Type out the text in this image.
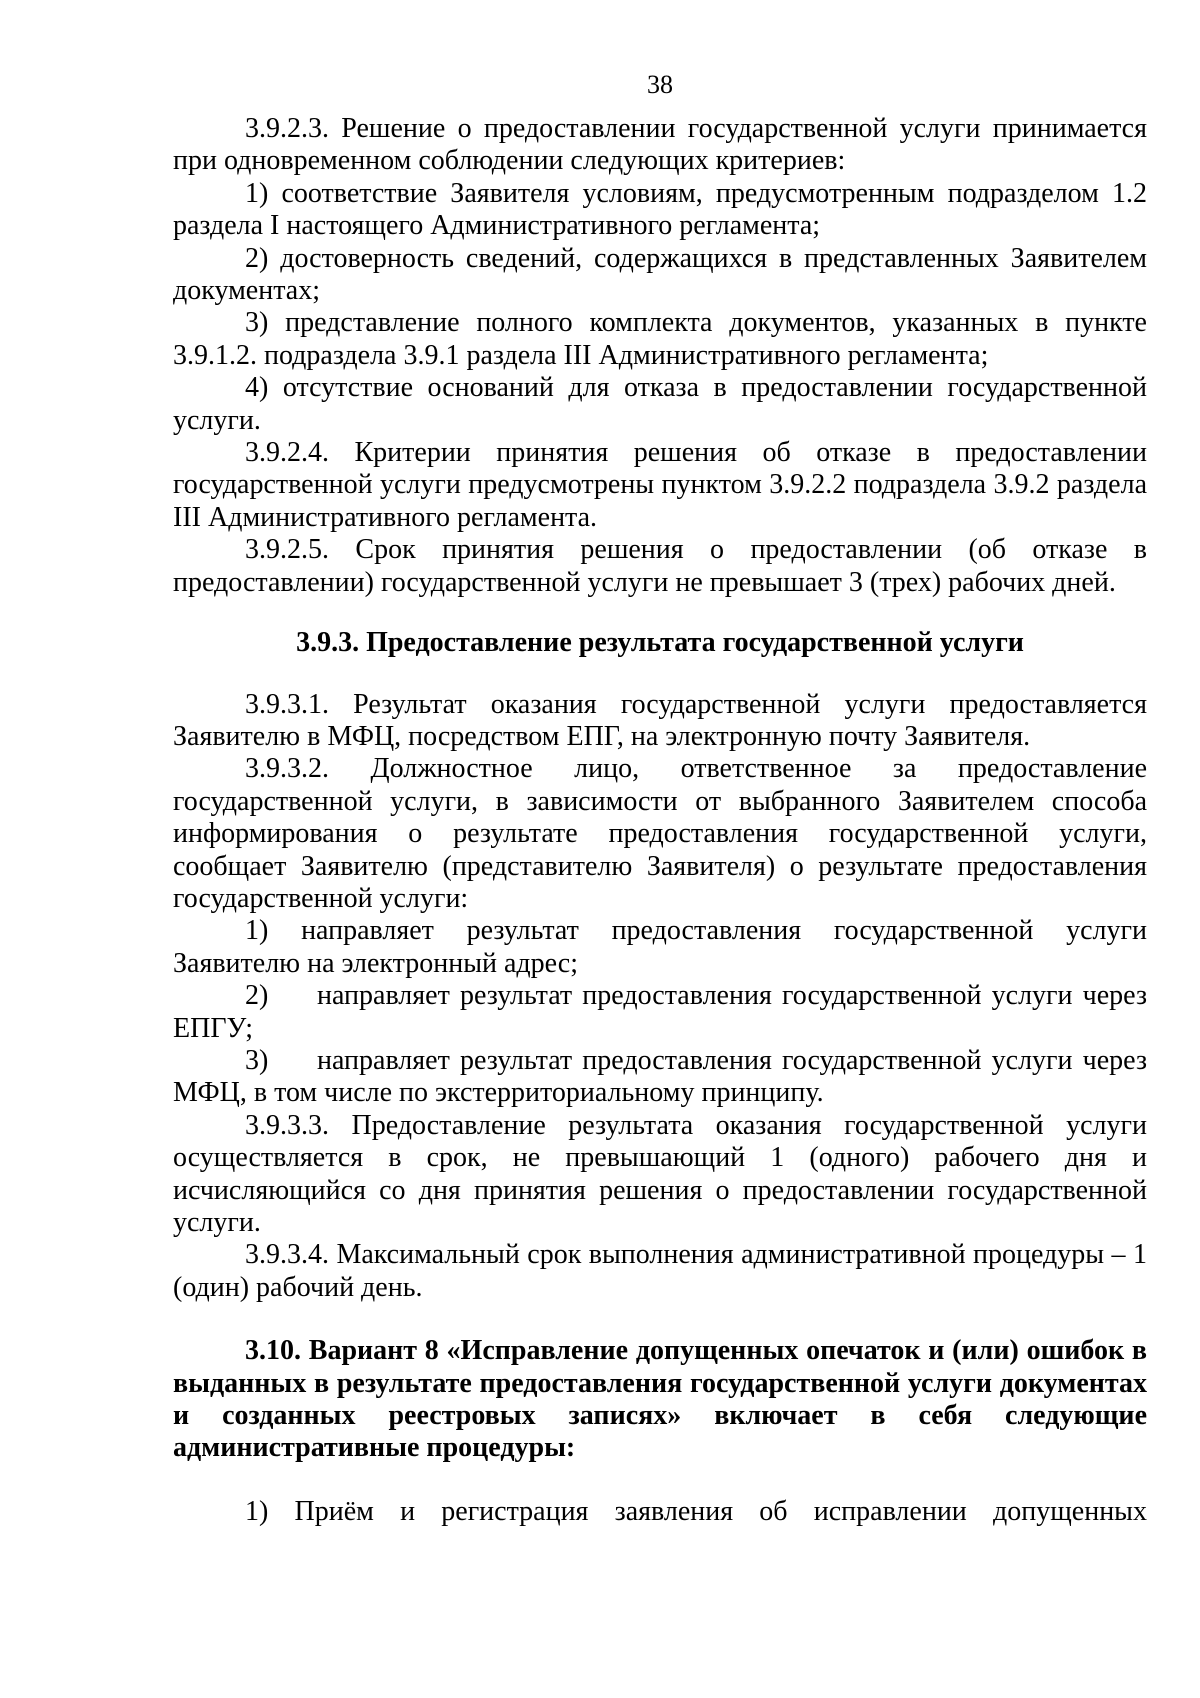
38

3.9.2.3. Решение о предоставлении государственной услуги принимается при одновременном соблюдении следующих критериев:

1) соответствие Заявителя условиям, предусмотренным подразделом 1.2 раздела I настоящего Административного регламента;

2) достоверность сведений, содержащихся в представленных Заявителем документах;

3) представление полного комплекта документов, указанных в пункте 3.9.1.2. подраздела 3.9.1 раздела III Административного регламента;

4) отсутствие оснований для отказа в предоставлении государственной услуги.

3.9.2.4. Критерии принятия решения об отказе в предоставлении государственной услуги предусмотрены пунктом 3.9.2.2 подраздела 3.9.2 раздела III Административного регламента.

3.9.2.5. Срок принятия решения о предоставлении (об отказе в предоставлении) государственной услуги не превышает 3 (трех) рабочих дней.

3.9.3. Предоставление результата государственной услуги

3.9.3.1. Результат оказания государственной услуги предоставляется Заявителю в МФЦ, посредством ЕПГ, на электронную почту Заявителя.

3.9.3.2. Должностное лицо, ответственное за предоставление государственной услуги, в зависимости от выбранного Заявителем способа информирования о результате предоставления государственной услуги, сообщает Заявителю (представителю Заявителя) о результате предоставления государственной услуги:

1) направляет результат предоставления государственной услуги Заявителю на электронный адрес;

2) направляет результат предоставления государственной услуги через ЕПГУ;

3) направляет результат предоставления государственной услуги через МФЦ, в том числе по экстерриториальному принципу.

3.9.3.3. Предоставление результата оказания государственной услуги осуществляется в срок, не превышающий 1 (одного) рабочего дня и исчисляющийся со дня принятия решения о предоставлении государственной услуги.

3.9.3.4. Максимальный срок выполнения административной процедуры – 1 (один) рабочий день.

3.10. Вариант 8 «Исправление допущенных опечаток и (или) ошибок в выданных в результате предоставления государственной услуги документах и созданных реестровых записях» включает в себя следующие административные процедуры:

1) Приём и регистрация заявления об исправлении допущенных
